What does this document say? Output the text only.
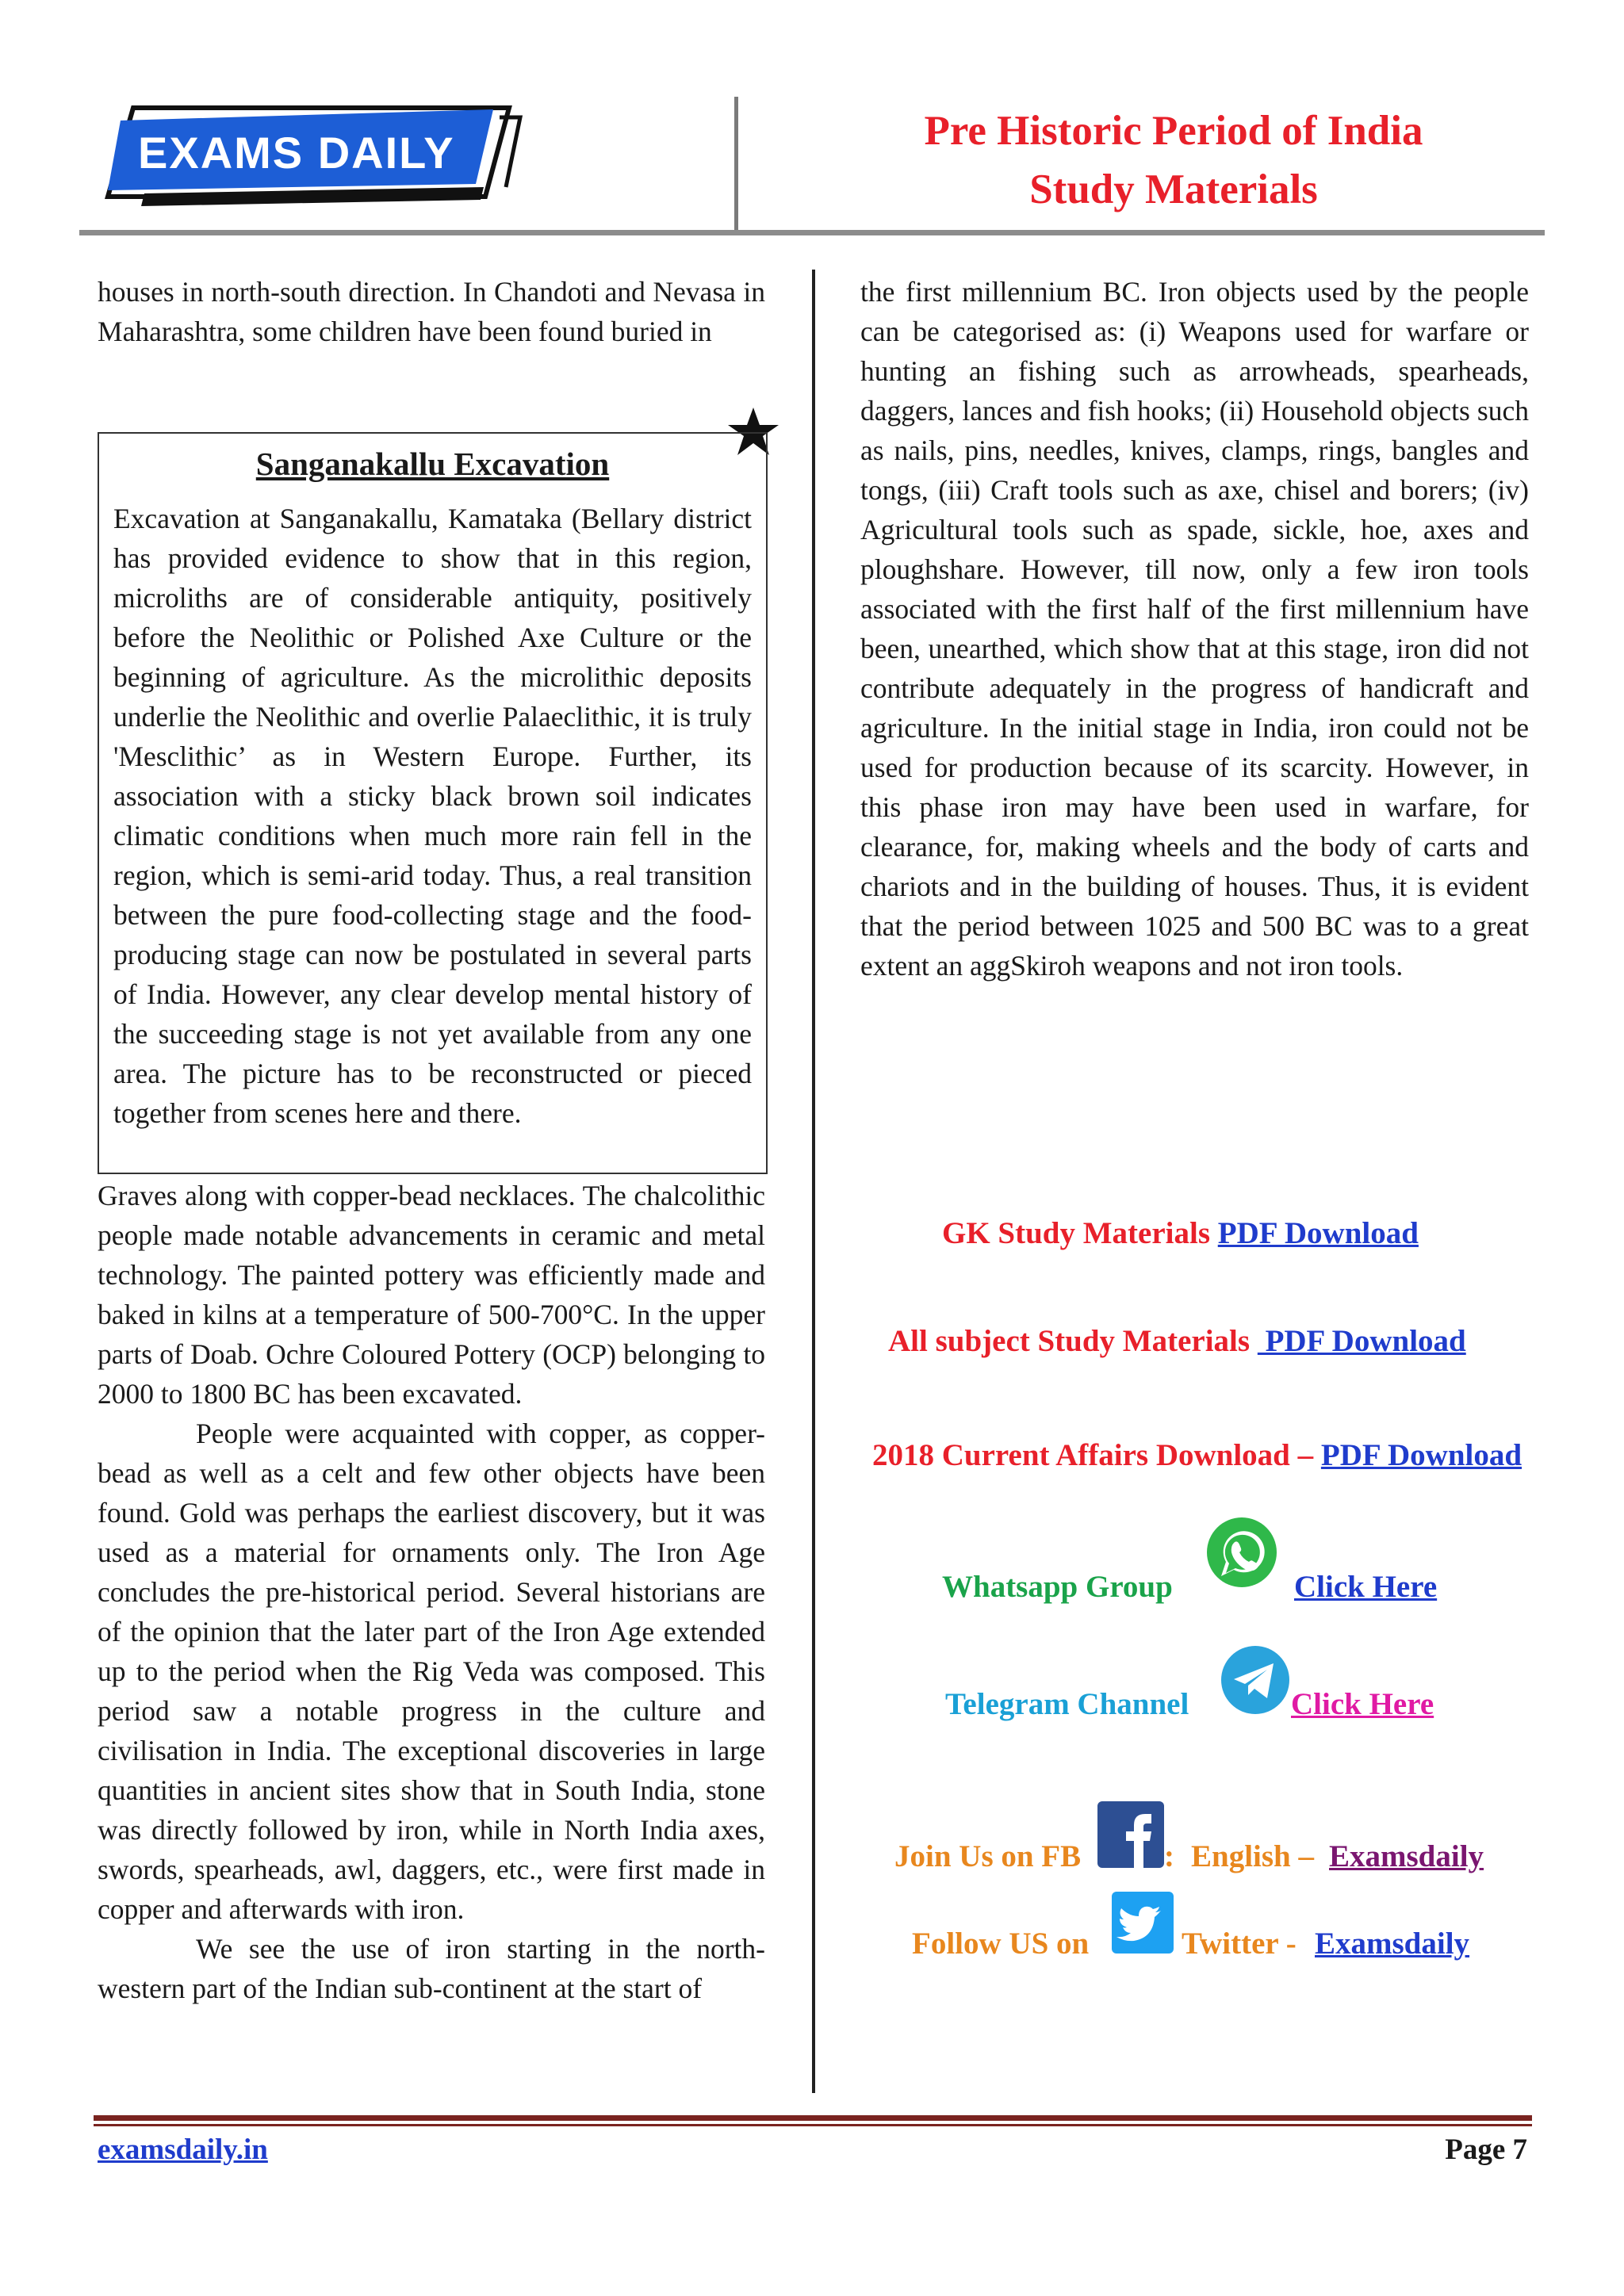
EXAMS DAILY	Pre Historic Period of India
Study Materials

houses in north-south direction. In Chandoti and Nevasa in Maharashtra, some children have been found buried in

Sanganakallu Excavation
Excavation at Sanganakallu, Kamataka (Bellary district has provided evidence to show that in this region, microliths are of considerable antiquity, positively before the Neolithic or Polished Axe Culture or the beginning of agriculture. As the microlithic deposits underlie the Neolithic and overlie Palaeclithic, it is truly 'Mesclithic’ as in Western Europe. Further, its association with a sticky black brown soil indicates climatic conditions when much more rain fell in the region, which is semi-arid today. Thus, a real transition between the pure food-collecting stage and the food-producing stage can now be postulated in several parts of India. However, any clear develop mental history of the succeeding stage is not yet available from any one area. The picture has to be reconstructed or pieced together from scenes here and there.

Graves along with copper-bead necklaces. The chalcolithic people made notable advancements in ceramic and metal technology. The painted pottery was efficiently made and baked in kilns at a temperature of 500-700°C. In the upper parts of Doab. Ochre Coloured Pottery (OCP) belonging to 2000 to 1800 BC has been excavated.

People were acquainted with copper, as copper-bead as well as a celt and few other objects have been found. Gold was perhaps the earliest discovery, but it was used as a material for ornaments only. The Iron Age concludes the pre-historical period. Several historians are of the opinion that the later part of the Iron Age extended up to the period when the Rig Veda was composed. This period saw a notable progress in the culture and civilisation in India. The exceptional discoveries in large quantities in ancient sites show that in South India, stone was directly followed by iron, while in North India axes, swords, spearheads, awl, daggers, etc., were first made in copper and afterwards with iron.

We see the use of iron starting in the north-western part of the Indian sub-continent at the start of

the first millennium BC. Iron objects used by the people can be categorised as: (i) Weapons used for warfare or hunting an fishing such as arrowheads, spearheads, daggers, lances and fish hooks; (ii) Household objects such as nails, pins, needles, knives, clamps, rings, bangles and tongs, (iii) Craft tools such as axe, chisel and borers; (iv) Agricultural tools such as spade, sickle, hoe, axes and ploughshare. However, till now, only a few iron tools associated with the first half of the first millennium have been, unearthed, which show that at this stage, iron did not contribute adequately in the progress of handicraft and agriculture. In the initial stage in India, iron could not be used for production because of its scarcity. However, in this phase iron may have been used in warfare, for clearance, for, making wheels and the body of carts and chariots and in the building of houses. Thus, it is evident that the period between 1025 and 500 BC was to a great extent an aggSkiroh weapons and not iron tools.

GK Study Materials PDF Download
All subject Study Materials  PDF Download
2018 Current Affairs Download – PDF Download
Whatsapp Group	Click Here
Telegram Channel	Click Here
Join Us on FB	: English – Examsdaily
Follow US on	Twitter - Examsdaily
examsdaily.in	Page 7
